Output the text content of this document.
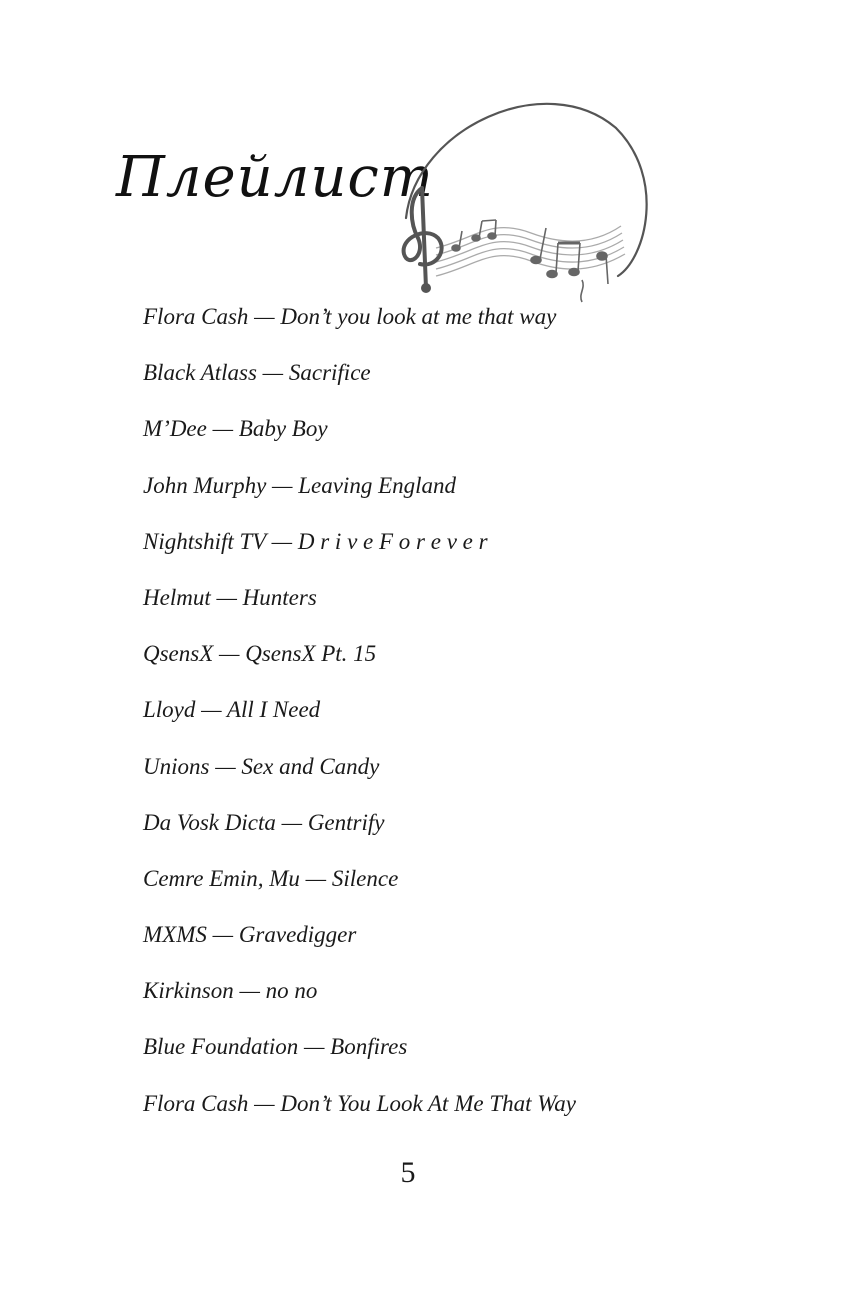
Плейлист
Flora Cash — Don’t you look at me that way
Black Atlass — Sacrifice
M’Dee — Baby Boy
John Murphy — Leaving England
Nightshift TV — D r i v e F o r e v e r
Helmut — Hunters
QsensX — QsensX Pt. 15
Lloyd — All I Need
Unions — Sex and Candy
Da Vosk Dicta — Gentrify
Cemre Emin, Mu — Silence
MXMS — Gravedigger
Kirkinson — no no
Blue Foundation — Bonfires
Flora Cash — Don’t You Look At Me That Way
5
